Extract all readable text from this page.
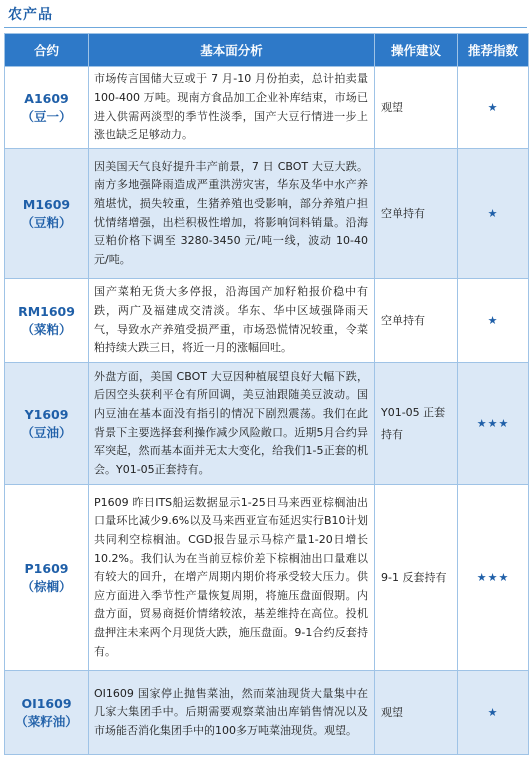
农产品
合约	基本面分析	操作建议	推荐指数

A1609
（豆一）	市场传言国储大豆或于 7 月-10 月份拍卖，总计拍卖量 100-400 万吨。现南方食品加工企业补库结束，市场已进入供需两淡型的季节性淡季，国产大豆行情进一步上涨也缺乏足够动力。	观望	★

M1609
（豆粕）	因美国天气良好提升丰产前景，7 日 CBOT 大豆大跌。南方多地强降雨造成严重洪涝灾害，华东及华中水产养殖堪忧，损失较重，生猪养殖也受影响，部分养殖户担忧情绪增强，出栏积极性增加，将影响饲料销量。沿海豆粕价格下调至 3280-3450 元/吨一线，波动 10-40 元/吨。	空单持有	★

RM1609
（菜粕）	国产菜粕无货大多停报，沿海国产加籽粕报价稳中有跌，两广及福建成交清淡。华东、华中区域强降雨天气，导致水产养殖受损严重，市场恐慌情况较重，令菜粕持续大跌三日，将近一月的涨幅回吐。	空单持有	★

Y1609
（豆油）	外盘方面，美国 CBOT 大豆因种植展望良好大幅下跌，后因空头获利平仓有所回调，美豆油跟随美豆波动。国内豆油在基本面没有指引的情况下剧烈震荡。我们在此背景下主要选择套利操作减少风险敞口。近期5月合约异军突起，然而基本面并无太大变化，给我们1-5正套的机会。Y01-05正套持有。	Y01-05 正套持有	★★★

P1609
（棕榈）	P1609 昨日ITS船运数据显示1-25日马来西亚棕榈油出口量环比减少9.6%以及马来西亚宣布延迟实行B10计划共同利空棕榈油。CGD报告显示马棕产量1-20日增长10.2%。我们认为在当前豆棕价差下棕榈油出口量难以有较大的回升，在增产周期内期价将承受较大压力。供应方面进入季节性产量恢复周期，将施压盘面假期。内盘方面，贸易商挺价情绪较浓，基差维持在高位。投机盘押注未来两个月现货大跌，施压盘面。9-1合约反套持有。	9-1 反套持有	★★★

OI1609
（菜籽油）	OI1609 国家停止抛售菜油，然而菜油现货大量集中在几家大集团手中。后期需要观察菜油出库销售情况以及市场能否消化集团手中的100多万吨菜油现货。观望。	观望	★
